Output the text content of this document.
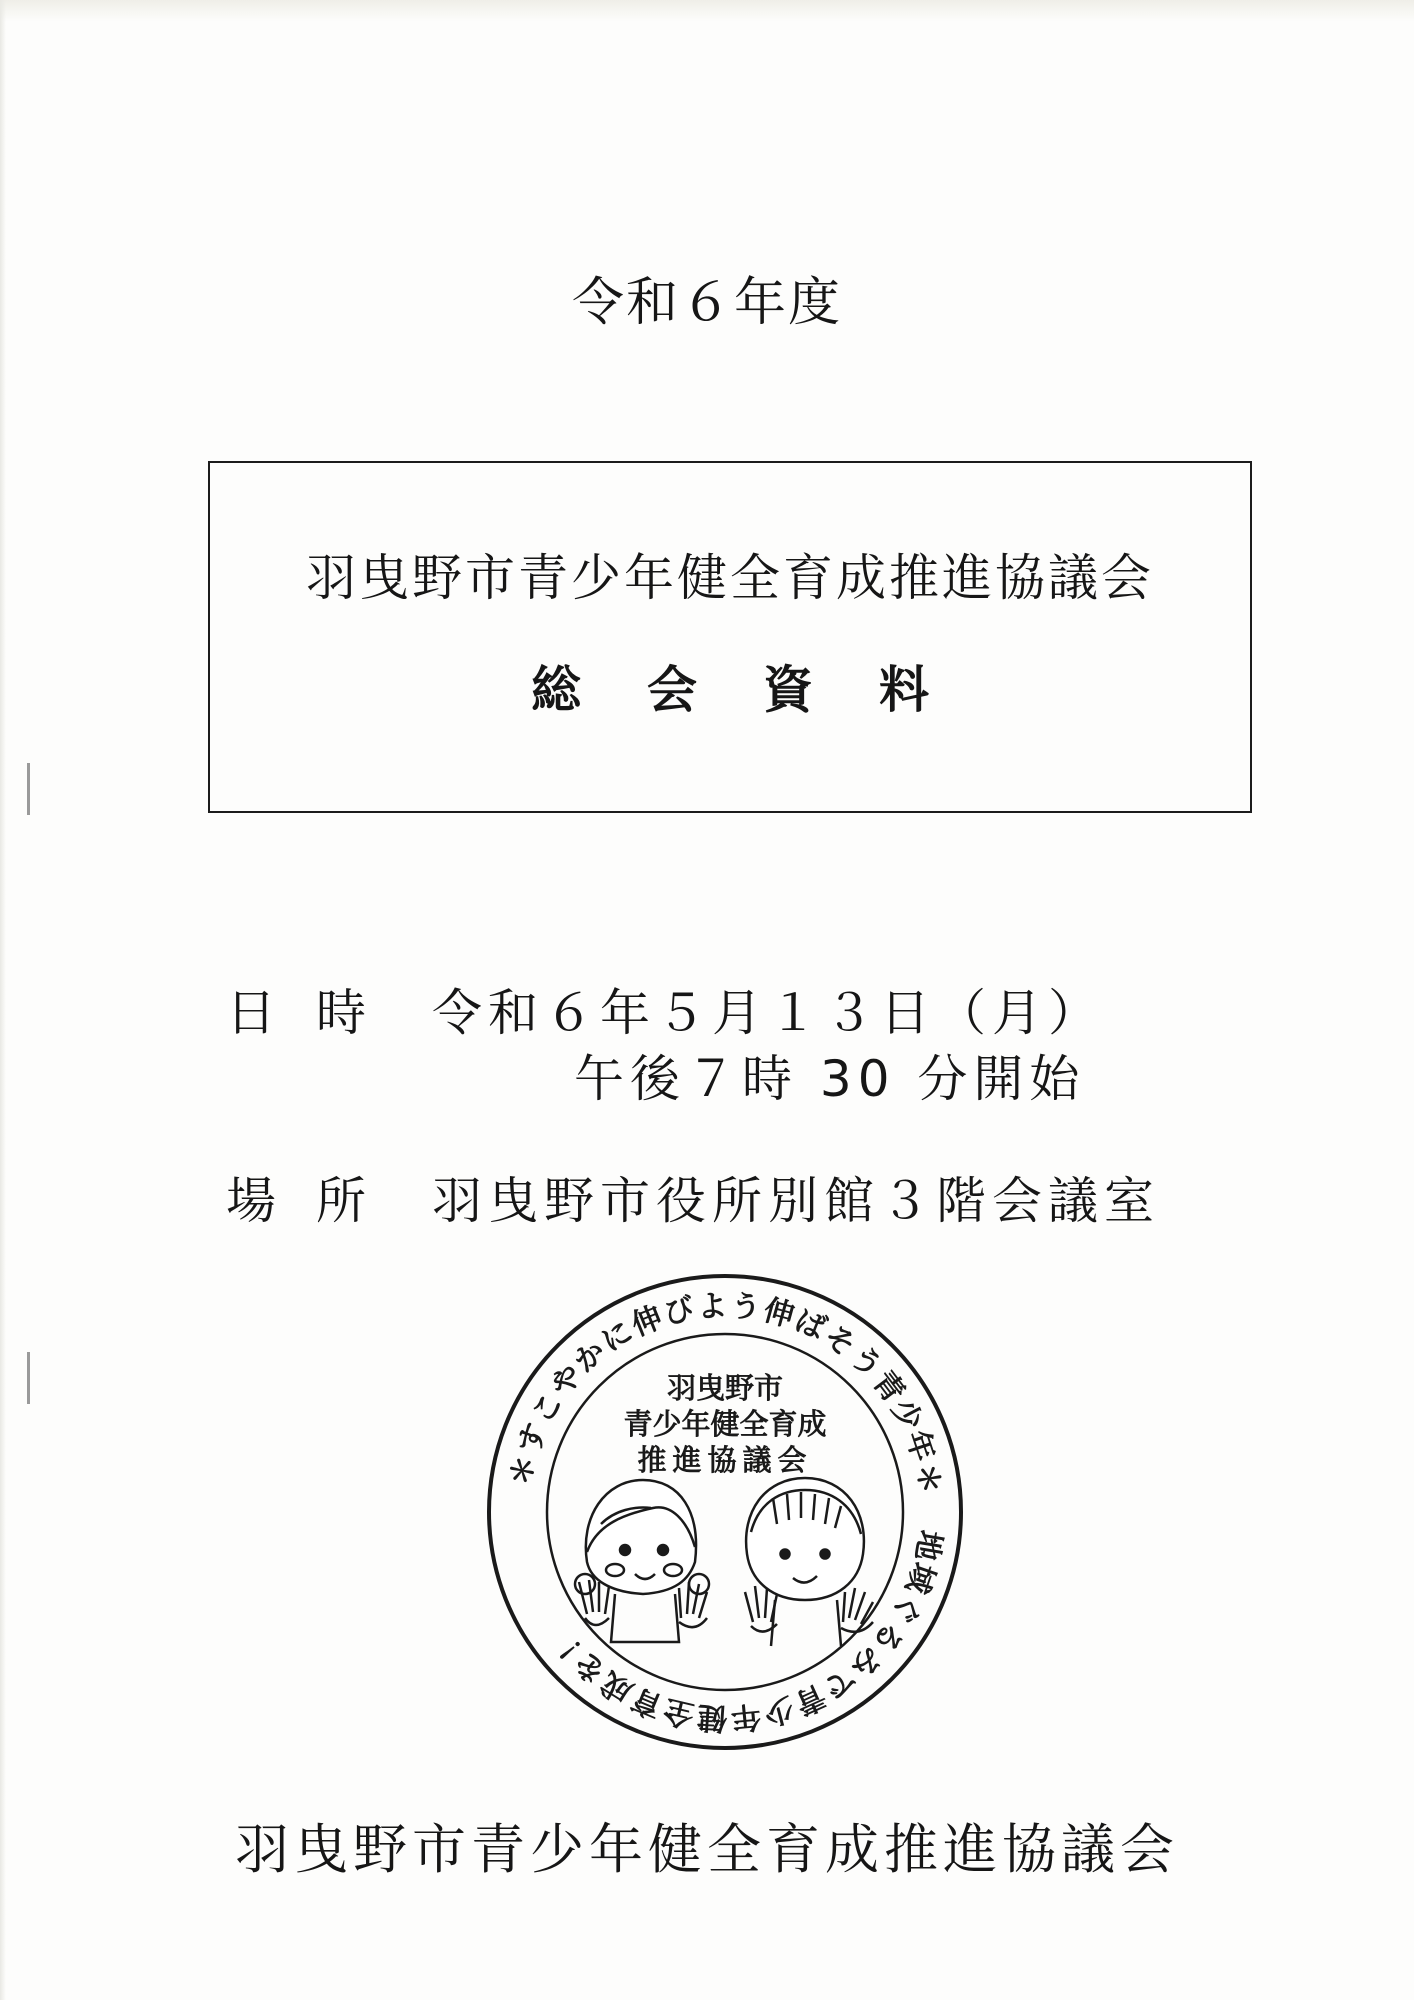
令和６年度
羽曳野市青少年健全育成推進協議会
総会資料
日時 令和６年５月１３日（月）
午後７時 30 分開始
場所 羽曳野市役所別館３階会議室
＊すこやかに伸びよう伸ばそう青少年＊　地域ぐるみで青少年健全育成を！
羽曳野市
青少年健全育成
推進協議会
羽曳野市青少年健全育成推進協議会
